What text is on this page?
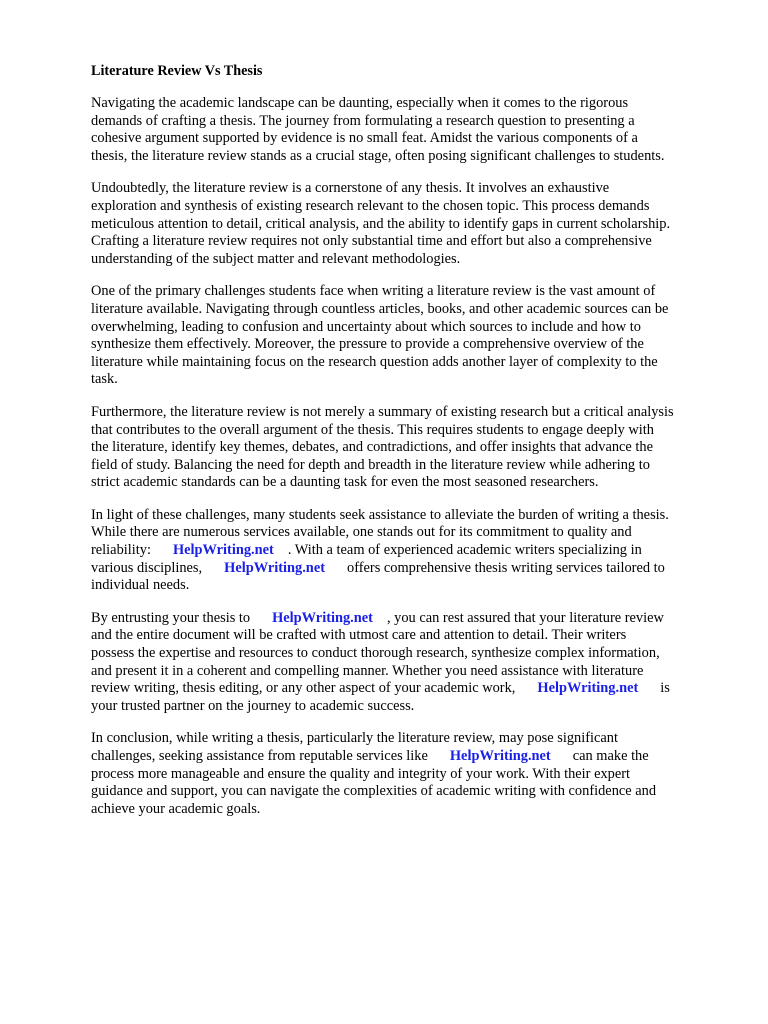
Literature Review Vs Thesis
Navigating the academic landscape can be daunting, especially when it comes to the rigorous
demands of crafting a thesis. The journey from formulating a research question to presenting a
cohesive argument supported by evidence is no small feat. Amidst the various components of a
thesis, the literature review stands as a crucial stage, often posing significant challenges to students.
Undoubtedly, the literature review is a cornerstone of any thesis. It involves an exhaustive
exploration and synthesis of existing research relevant to the chosen topic. This process demands
meticulous attention to detail, critical analysis, and the ability to identify gaps in current scholarship.
Crafting a literature review requires not only substantial time and effort but also a comprehensive
understanding of the subject matter and relevant methodologies.
One of the primary challenges students face when writing a literature review is the vast amount of
literature available. Navigating through countless articles, books, and other academic sources can be
overwhelming, leading to confusion and uncertainty about which sources to include and how to
synthesize them effectively. Moreover, the pressure to provide a comprehensive overview of the
literature while maintaining focus on the research question adds another layer of complexity to the
task.
Furthermore, the literature review is not merely a summary of existing research but a critical analysis
that contributes to the overall argument of the thesis. This requires students to engage deeply with
the literature, identify key themes, debates, and contradictions, and offer insights that advance the
field of study. Balancing the need for depth and breadth in the literature review while adhering to
strict academic standards can be a daunting task for even the most seasoned researchers.
In light of these challenges, many students seek assistance to alleviate the burden of writing a thesis.
While there are numerous services available, one stands out for its commitment to quality and
reliability: HelpWriting.net . With a team of experienced academic writers specializing in
various disciplines, HelpWriting.net offers comprehensive thesis writing services tailored to
individual needs.
By entrusting your thesis to HelpWriting.net , you can rest assured that your literature review
and the entire document will be crafted with utmost care and attention to detail. Their writers
possess the expertise and resources to conduct thorough research, synthesize complex information,
and present it in a coherent and compelling manner. Whether you need assistance with literature
review writing, thesis editing, or any other aspect of your academic work, HelpWriting.net is
your trusted partner on the journey to academic success.
In conclusion, while writing a thesis, particularly the literature review, may pose significant
challenges, seeking assistance from reputable services like HelpWriting.net can make the
process more manageable and ensure the quality and integrity of your work. With their expert
guidance and support, you can navigate the complexities of academic writing with confidence and
achieve your academic goals.
